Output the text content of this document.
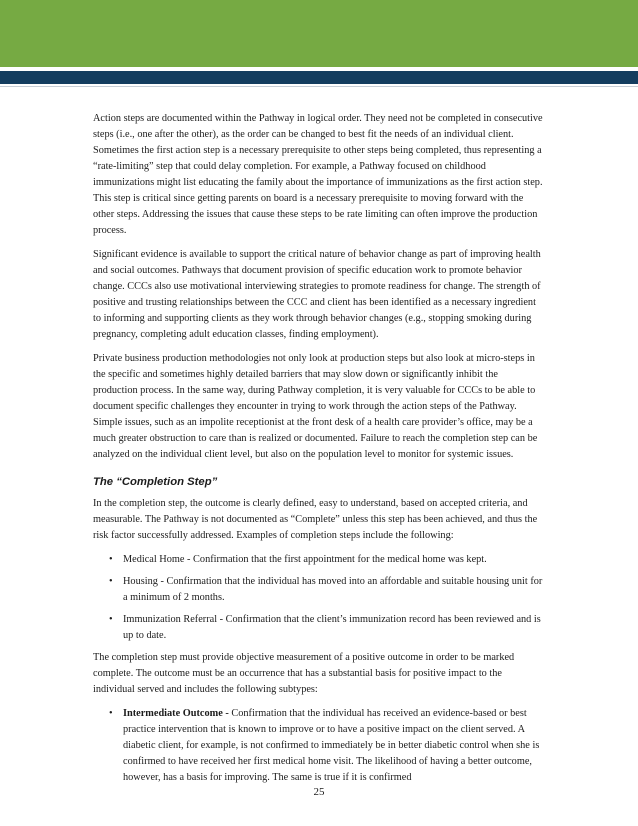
Action steps are documented within the Pathway in logical order. They need not be completed in consecutive steps (i.e., one after the other), as the order can be changed to best fit the needs of an individual client. Sometimes the first action step is a necessary prerequisite to other steps being completed, thus representing a “rate-limiting” step that could delay completion. For example, a Pathway focused on childhood immunizations might list educating the family about the importance of immunizations as the first action step. This step is critical since getting parents on board is a necessary prerequisite to moving forward with the other steps. Addressing the issues that cause these steps to be rate limiting can often improve the production process.

Significant evidence is available to support the critical nature of behavior change as part of improving health and social outcomes. Pathways that document provision of specific education work to promote behavior change. CCCs also use motivational interviewing strategies to promote readiness for change. The strength of positive and trusting relationships between the CCC and client has been identified as a necessary ingredient to informing and supporting clients as they work through behavior changes (e.g., stopping smoking during pregnancy, completing adult education classes, finding employment).

Private business production methodologies not only look at production steps but also look at micro-steps in the specific and sometimes highly detailed barriers that may slow down or significantly inhibit the production process. In the same way, during Pathway completion, it is very valuable for CCCs to be able to document specific challenges they encounter in trying to work through the action steps of the Pathway. Simple issues, such as an impolite receptionist at the front desk of a health care provider’s office, may be a much greater obstruction to care than is realized or documented. Failure to reach the completion step can be analyzed on the individual client level, but also on the population level to monitor for systemic issues.

The “Completion Step”

In the completion step, the outcome is clearly defined, easy to understand, based on accepted criteria, and measurable. The Pathway is not documented as “Complete” unless this step has been achieved, and thus the risk factor successfully addressed. Examples of completion steps include the following:

• Medical Home - Confirmation that the first appointment for the medical home was kept.
• Housing - Confirmation that the individual has moved into an affordable and suitable housing unit for a minimum of 2 months.
• Immunization Referral - Confirmation that the client’s immunization record has been reviewed and is up to date.

The completion step must provide objective measurement of a positive outcome in order to be marked complete. The outcome must be an occurrence that has a substantial basis for positive impact to the individual served and includes the following subtypes:

• Intermediate Outcome - Confirmation that the individual has received an evidence-based or best practice intervention that is known to improve or to have a positive impact on the client served. A diabetic client, for example, is not confirmed to immediately be in better diabetic control when she is confirmed to have received her first medical home visit. The likelihood of having a better outcome, however, has a basis for improving. The same is true if it is confirmed
25
